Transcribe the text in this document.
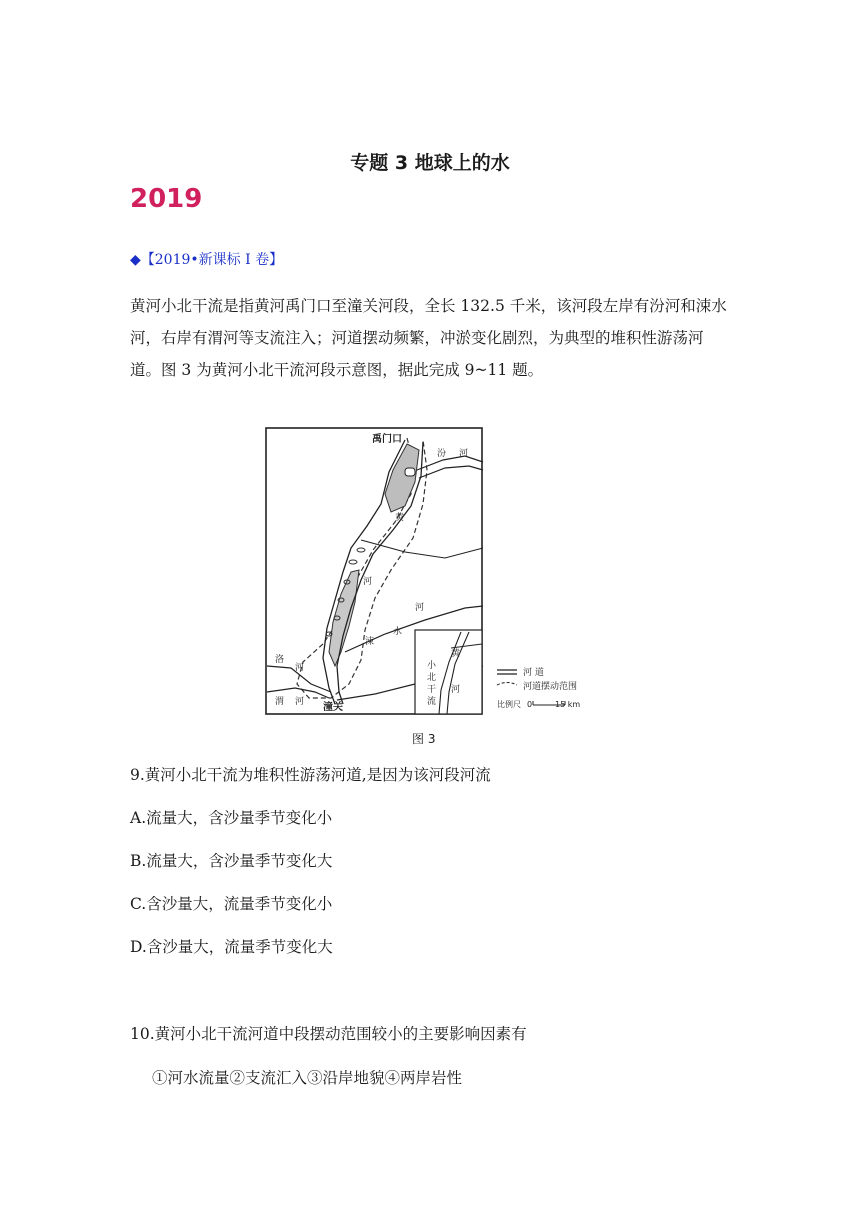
专题 3 地球上的水
2019
◆【2019•新课标 I 卷】
黄河小北干流是指黄河禹门口至潼关河段，全长 132.5 千米，该河段左岸有汾河和涑水河，右岸有渭河等支流注入；河道摆动频繁，冲淤变化剧烈，为典型的堆积性游荡河道。图 3 为黄河小北干流河段示意图，据此完成 9~11 题。
禹门口
汾 河
黄
河
河
涑
水
洛
河
渭 河 潼关
黄
河
小
北
干
流
河 道
河道摆动范围
比例尺 0	15 km
图 3
9.黄河小北干流为堆积性游荡河道,是因为该河段河流
A.流量大，含沙量季节变化小
B.流量大，含沙量季节变化大
C.含沙量大，流量季节变化小
D.含沙量大，流量季节变化大
10.黄河小北干流河道中段摆动范围较小的主要影响因素有
①河水流量②支流汇入③沿岸地貌④两岸岩性
